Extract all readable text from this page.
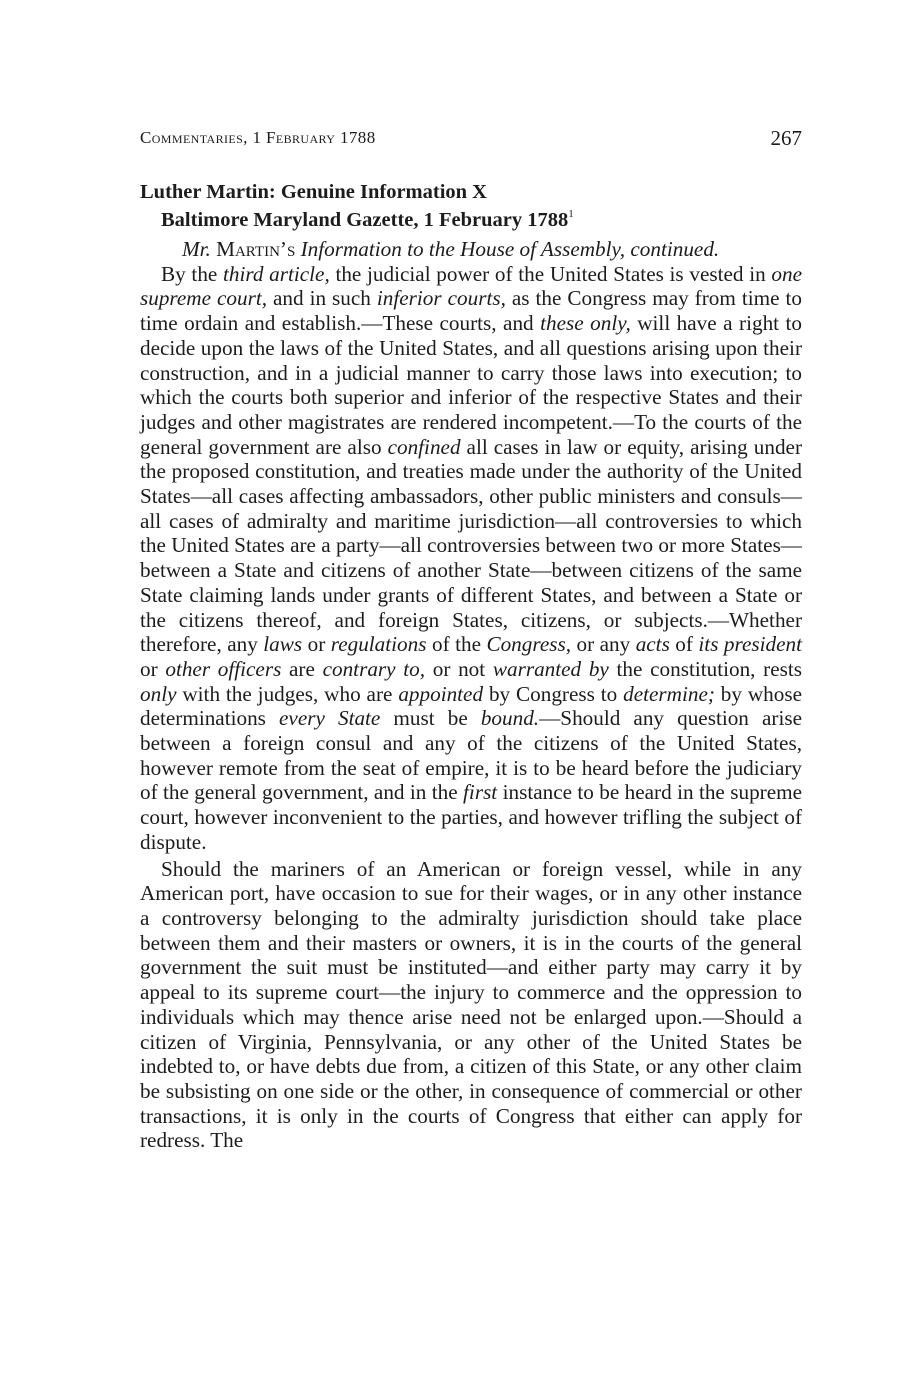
Commentaries, 1 February 1788	267
Luther Martin: Genuine Information X
Baltimore Maryland Gazette, 1 February 1788$^1$

Mr. Martin’s Information to the House of Assembly, continued.

By the third article, the judicial power of the United States is vested in one supreme court, and in such inferior courts, as the Congress may from time to time ordain and establish.—These courts, and these only, will have a right to decide upon the laws of the United States, and all questions arising upon their construction, and in a judicial manner to carry those laws into execution; to which the courts both superior and inferior of the respective States and their judges and other magistrates are rendered incompetent.—To the courts of the general government are also confined all cases in law or equity, arising under the proposed constitution, and treaties made under the authority of the United States—all cases affecting ambassadors, other public ministers and consuls—all cases of admiralty and maritime jurisdiction—all controversies to which the United States are a party—all controversies between two or more States—between a State and citizens of another State—between citizens of the same State claiming lands under grants of different States, and between a State or the citizens thereof, and foreign States, citizens, or subjects.—Whether therefore, any laws or regulations of the Congress, or any acts of its president or other officers are contrary to, or not warranted by the constitution, rests only with the judges, who are appointed by Congress to determine; by whose determinations every State must be bound.—Should any question arise between a foreign consul and any of the citizens of the United States, however remote from the seat of empire, it is to be heard before the judiciary of the general government, and in the first instance to be heard in the supreme court, however inconvenient to the parties, and however trifling the subject of dispute.

Should the mariners of an American or foreign vessel, while in any American port, have occasion to sue for their wages, or in any other instance a controversy belonging to the admiralty jurisdiction should take place between them and their masters or owners, it is in the courts of the general government the suit must be instituted—and either party may carry it by appeal to its supreme court—the injury to commerce and the oppression to individuals which may thence arise need not be enlarged upon.—Should a citizen of Virginia, Pennsylvania, or any other of the United States be indebted to, or have debts due from, a citizen of this State, or any other claim be subsisting on one side or the other, in consequence of commercial or other transactions, it is only in the courts of Congress that either can apply for redress. The
